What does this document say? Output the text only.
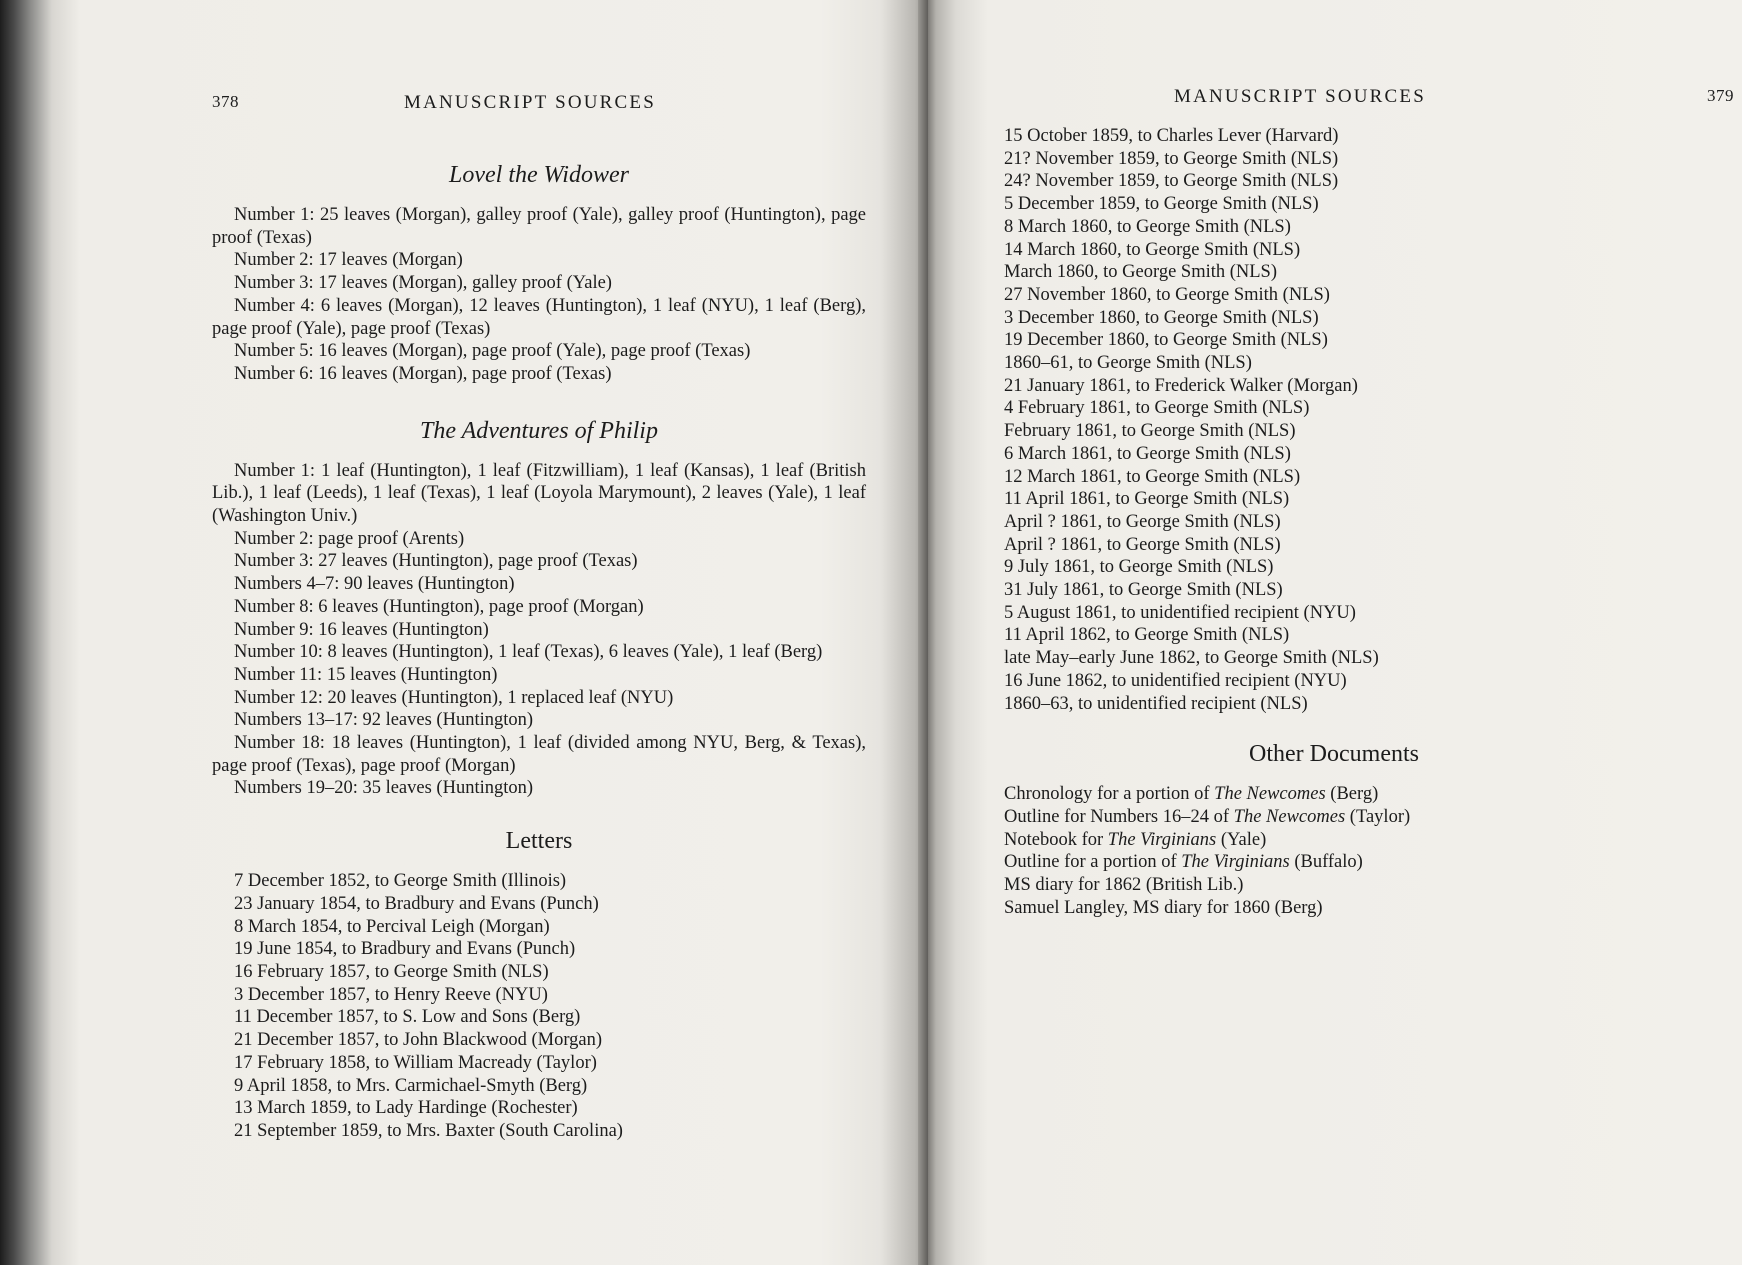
378	MANUSCRIPT SOURCES
Lovel the Widower

Number 1: 25 leaves (Morgan), galley proof (Yale), galley proof (Huntington), page proof (Texas)

Number 2: 17 leaves (Morgan)

Number 3: 17 leaves (Morgan), galley proof (Yale)

Number 4: 6 leaves (Morgan), 12 leaves (Huntington), 1 leaf (NYU), 1 leaf (Berg), page proof (Yale), page proof (Texas)

Number 5: 16 leaves (Morgan), page proof (Yale), page proof (Texas)

Number 6: 16 leaves (Morgan), page proof (Texas)

The Adventures of Philip

Number 1: 1 leaf (Huntington), 1 leaf (Fitzwilliam), 1 leaf (Kansas), 1 leaf (British Lib.), 1 leaf (Leeds), 1 leaf (Texas), 1 leaf (Loyola Marymount), 2 leaves (Yale), 1 leaf (Washington Univ.)

Number 2: page proof (Arents)

Number 3: 27 leaves (Huntington), page proof (Texas)

Numbers 4–7: 90 leaves (Huntington)

Number 8: 6 leaves (Huntington), page proof (Morgan)

Number 9: 16 leaves (Huntington)

Number 10: 8 leaves (Huntington), 1 leaf (Texas), 6 leaves (Yale), 1 leaf (Berg)

Number 11: 15 leaves (Huntington)

Number 12: 20 leaves (Huntington), 1 replaced leaf (NYU)

Numbers 13–17: 92 leaves (Huntington)

Number 18: 18 leaves (Huntington), 1 leaf (divided among NYU, Berg, & Texas), page proof (Texas), page proof (Morgan)

Numbers 19–20: 35 leaves (Huntington)

Letters

7 December 1852, to George Smith (Illinois)

23 January 1854, to Bradbury and Evans (Punch)

8 March 1854, to Percival Leigh (Morgan)

19 June 1854, to Bradbury and Evans (Punch)

16 February 1857, to George Smith (NLS)

3 December 1857, to Henry Reeve (NYU)

11 December 1857, to S. Low and Sons (Berg)

21 December 1857, to John Blackwood (Morgan)

17 February 1858, to William Macready (Taylor)

9 April 1858, to Mrs. Carmichael-Smyth (Berg)

13 March 1859, to Lady Hardinge (Rochester)

21 September 1859, to Mrs. Baxter (South Carolina)

MANUSCRIPT SOURCES	379

15 October 1859, to Charles Lever (Harvard)

21? November 1859, to George Smith (NLS)

24? November 1859, to George Smith (NLS)

5 December 1859, to George Smith (NLS)

8 March 1860, to George Smith (NLS)

14 March 1860, to George Smith (NLS)

March 1860, to George Smith (NLS)

27 November 1860, to George Smith (NLS)

3 December 1860, to George Smith (NLS)

19 December 1860, to George Smith (NLS)

1860–61, to George Smith (NLS)

21 January 1861, to Frederick Walker (Morgan)

4 February 1861, to George Smith (NLS)

February 1861, to George Smith (NLS)

6 March 1861, to George Smith (NLS)

12 March 1861, to George Smith (NLS)

11 April 1861, to George Smith (NLS)

April ? 1861, to George Smith (NLS)

April ? 1861, to George Smith (NLS)

9 July 1861, to George Smith (NLS)

31 July 1861, to George Smith (NLS)

5 August 1861, to unidentified recipient (NYU)

11 April 1862, to George Smith (NLS)

late May–early June 1862, to George Smith (NLS)

16 June 1862, to unidentified recipient (NYU)

1860–63, to unidentified recipient (NLS)

Other Documents

Chronology for a portion of The Newcomes (Berg)

Outline for Numbers 16–24 of The Newcomes (Taylor)

Notebook for The Virginians (Yale)

Outline for a portion of The Virginians (Buffalo)

MS diary for 1862 (British Lib.)

Samuel Langley, MS diary for 1860 (Berg)
